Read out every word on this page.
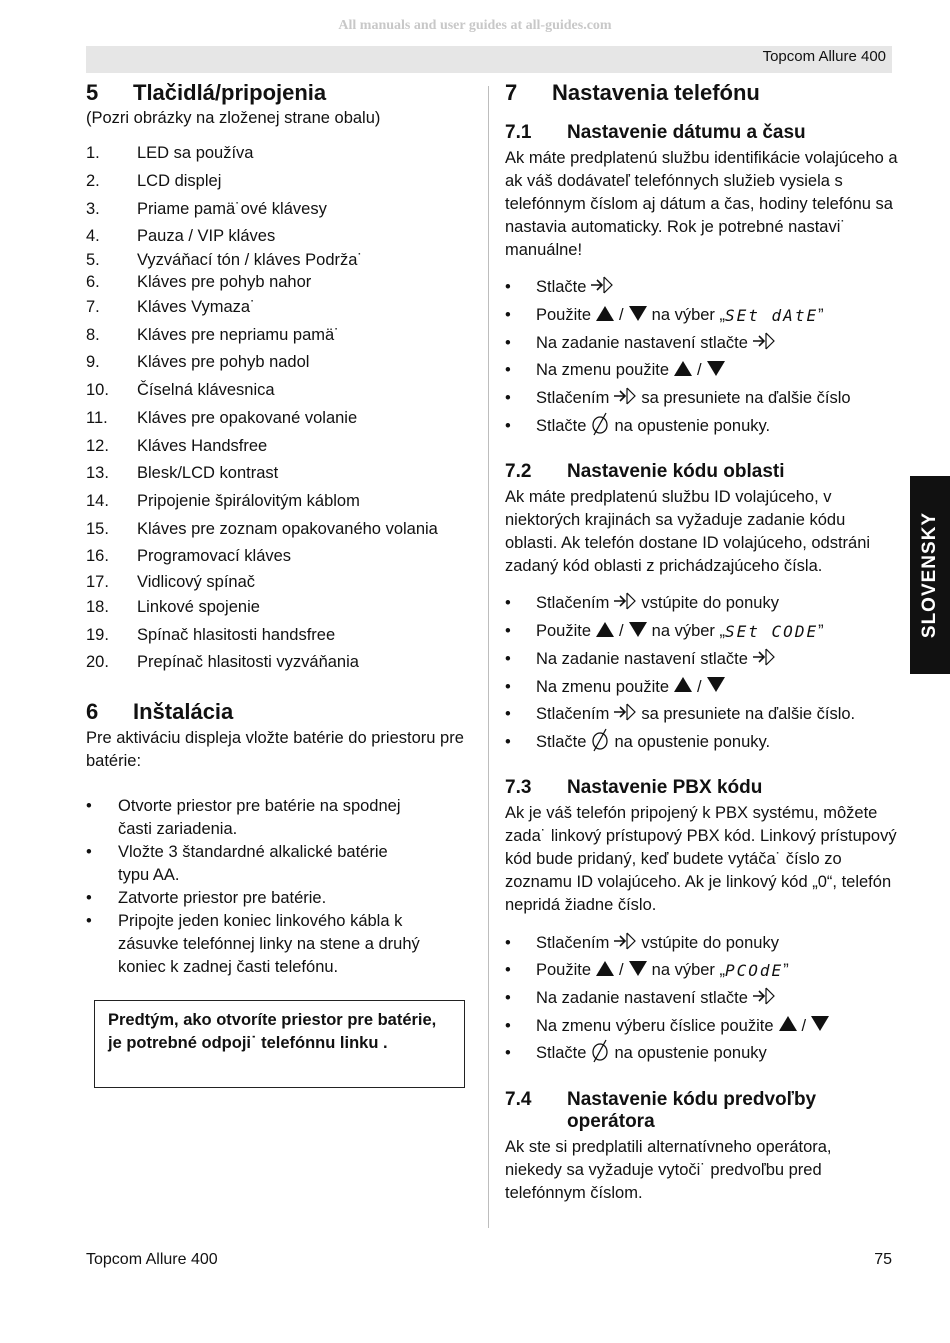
All manuals and user guides at all-guides.com
Topcom Allure 400
5	Tlačidlá/pripojenia

(Pozri obrázky na zloženej strane obalu)

1.	LED sa používa
2.	LCD displej
3.	Priame pamä˙ové klávesy
4.	Pauza / VIP kláves
5.	Vyzváňací tón / kláves Podrža˙
6.	Kláves pre pohyb nahor
7.	Kláves Vymaza˙
8.	Kláves pre nepriamu pamä˙
9.	Kláves pre pohyb nadol
10.	Číselná klávesnica
11.	Kláves pre opakované volanie
12.	Kláves Handsfree
13.	Blesk/LCD kontrast
14.	Pripojenie špirálovitým káblom
15.	Kláves pre zoznam opakovaného volania
16.	Programovací kláves
17.	Vidlicový spínač
18.	Linkové spojenie
19.	Spínač hlasitosti handsfree
20.	Prepínač hlasitosti vyzváňania
6	Inštalácia

Pre aktiváciu displeja vložte batérie do priestoru pre batérie:

•	Otvorte priestor pre batérie na spodnej časti zariadenia.
•	Vložte 3 štandardné alkalické batérie typu AA.
•	Zatvorte priestor pre batérie.
•	Pripojte jeden koniec linkového kábla k zásuvke telefónnej linky na stene a druhý koniec k zadnej časti telefónu.
Predtým, ako otvoríte priestor pre batérie, je potrebné odpoji˙ telefónnu linku .
7	Nastavenia telefónu
7.1	Nastavenie dátumu a času

Ak máte predplatenú službu identifikácie volajúceho a ak váš dodávateľ telefónnych služieb vysiela s telefónnym číslom aj dátum a čas, hodiny telefónu sa nastavia automaticky. Rok je potrebné nastavi˙ manuálne!

•	Stlačte
•	Použite / na výber „ SEt dAtE ”
•	Na zadanie nastavení stlačte
•	Na zmenu použite /
•	Stlačením sa presuniete na ďalšie číslo
•	Stlačte na opustenie ponuky.
7.2	Nastavenie kódu oblasti

Ak máte predplatenú službu ID volajúceho, v niektorých krajinách sa vyžaduje zadanie kódu oblasti. Ak telefón dostane ID volajúceho, odstráni zadaný kód oblasti z prichádzajúceho čísla.

•	Stlačením vstúpite do ponuky
•	Použite / na výber „ SEt CODE ”
•	Na zadanie nastavení stlačte
•	Na zmenu použite /
•	Stlačením sa presuniete na ďalšie číslo.
•	Stlačte na opustenie ponuky.
7.3	Nastavenie PBX kódu

Ak je váš telefón pripojený k PBX systému, môžete zada˙ linkový prístupový PBX kód. Linkový prístupový kód bude pridaný, keď budete vytáča˙ číslo zo zoznamu ID volajúceho. Ak je linkový kód „0“, telefón nepridá žiadne číslo.

•	Stlačením vstúpite do ponuky
•	Použite / na výber „ PCOdE ”
•	Na zadanie nastavení stlačte
•	Na zmenu výberu číslice použite /
•	Stlačte na opustenie ponuky
7.4	Nastavenie kódu predvoľby
operátora

Ak ste si predplatili alternatívneho operátora, niekedy sa vyžaduje vytoči˙ predvoľbu pred telefónnym číslom.

SLOVENSKY
Topcom Allure 400	75
